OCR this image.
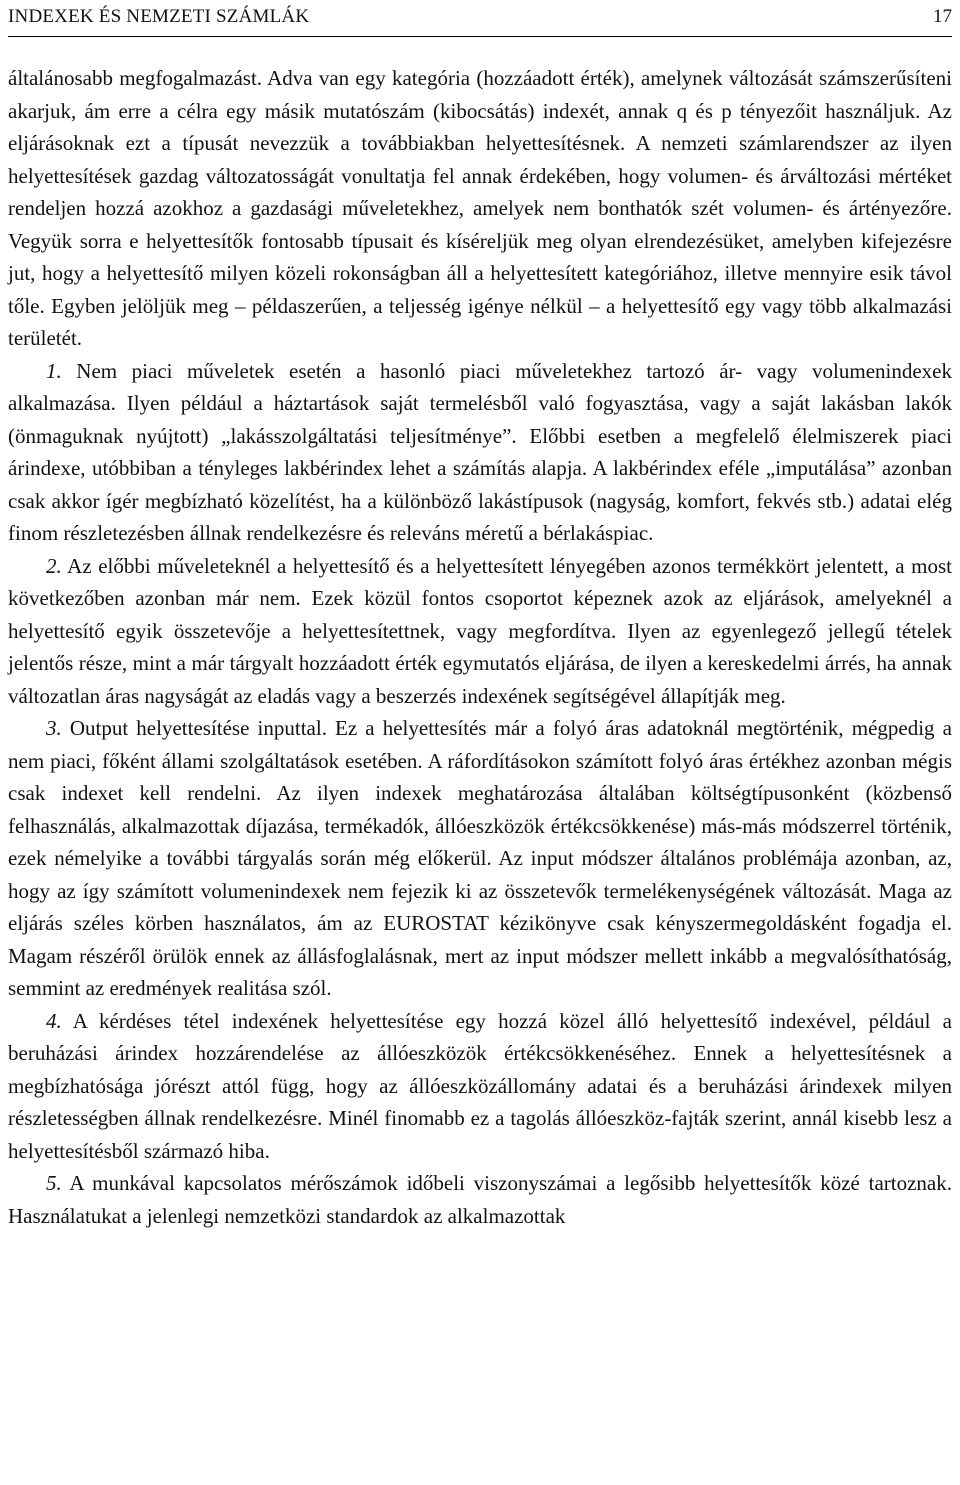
INDEXEK ÉS NEMZETI SZÁMLÁK	17

általánosabb megfogalmazást. Adva van egy kategória (hozzáadott érték), amelynek változását számszerűsíteni akarjuk, ám erre a célra egy másik mutatószám (kibocsátás) indexét, annak q és p tényezőit használjuk. Az eljárásoknak ezt a típusát nevezzük a továbbiakban helyettesítésnek. A nemzeti számlarendszer az ilyen helyettesítések gazdag változatosságát vonultatja fel annak érdekében, hogy volumen- és árváltozási mértéket rendeljen hozzá azokhoz a gazdasági műveletekhez, amelyek nem bonthatók szét volumen- és ártényezőre. Vegyük sorra e helyettesítők fontosabb típusait és kíséreljük meg olyan elrendezésüket, amelyben kifejezésre jut, hogy a helyettesítő milyen közeli rokonságban áll a helyettesített kategóriához, illetve mennyire esik távol tőle. Egyben jelöljük meg – példaszerűen, a teljesség igénye nélkül – a helyettesítő egy vagy több alkalmazási területét.

1. Nem piaci műveletek esetén a hasonló piaci műveletekhez tartozó ár- vagy volumenindexek alkalmazása. Ilyen például a háztartások saját termelésből való fogyasztása, vagy a saját lakásban lakók (önmaguknak nyújtott) „lakásszolgáltatási teljesítménye”. Előbbi esetben a megfelelő élelmiszerek piaci árindexe, utóbbiban a tényleges lakbérindex lehet a számítás alapja. A lakbérindex eféle „imputálása” azonban csak akkor ígér megbízható közelítést, ha a különböző lakástípusok (nagyság, komfort, fekvés stb.) adatai elég finom részletezésben állnak rendelkezésre és releváns méretű a bérlakáspiac.

2. Az előbbi műveleteknél a helyettesítő és a helyettesített lényegében azonos termékkört jelentett, a most következőben azonban már nem. Ezek közül fontos csoportot képeznek azok az eljárások, amelyeknél a helyettesítő egyik összetevője a helyettesítettnek, vagy megfordítva. Ilyen az egyenlegező jellegű tételek jelentős része, mint a már tárgyalt hozzáadott érték egymutatós eljárása, de ilyen a kereskedelmi árrés, ha annak változatlan áras nagyságát az eladás vagy a beszerzés indexének segítségével állapítják meg.

3. Output helyettesítése inputtal. Ez a helyettesítés már a folyó áras adatoknál megtörténik, mégpedig a nem piaci, főként állami szolgáltatások esetében. A ráfordításokon számított folyó áras értékhez azonban mégis csak indexet kell rendelni. Az ilyen indexek meghatározása általában költségtípusonként (közbenső felhasználás, alkalmazottak díjazása, termékadók, állóeszközök értékcsökkenése) más-más módszerrel történik, ezek némelyike a további tárgyalás során még előkerül. Az input módszer általános problémája azonban, az, hogy az így számított volumenindexek nem fejezik ki az összetevők termelékenységének változását. Maga az eljárás széles körben használatos, ám az EUROSTAT kézikönyve csak kényszermegoldásként fogadja el. Magam részéről örülök ennek az állásfoglalásnak, mert az input módszer mellett inkább a megvalósíthatóság, semmint az eredmények realitása szól.

4. A kérdéses tétel indexének helyettesítése egy hozzá közel álló helyettesítő indexével, például a beruházási árindex hozzárendelése az állóeszközök értékcsökkenéséhez. Ennek a helyettesítésnek a megbízhatósága jórészt attól függ, hogy az állóeszközállomány adatai és a beruházási árindexek milyen részletességben állnak rendelkezésre. Minél finomabb ez a tagolás állóeszköz-fajták szerint, annál kisebb lesz a helyettesítésből származó hiba.

5. A munkával kapcsolatos mérőszámok időbeli viszonyszámai a legősibb helyettesítők közé tartoznak. Használatukat a jelenlegi nemzetközi standardok az alkalmazottak
